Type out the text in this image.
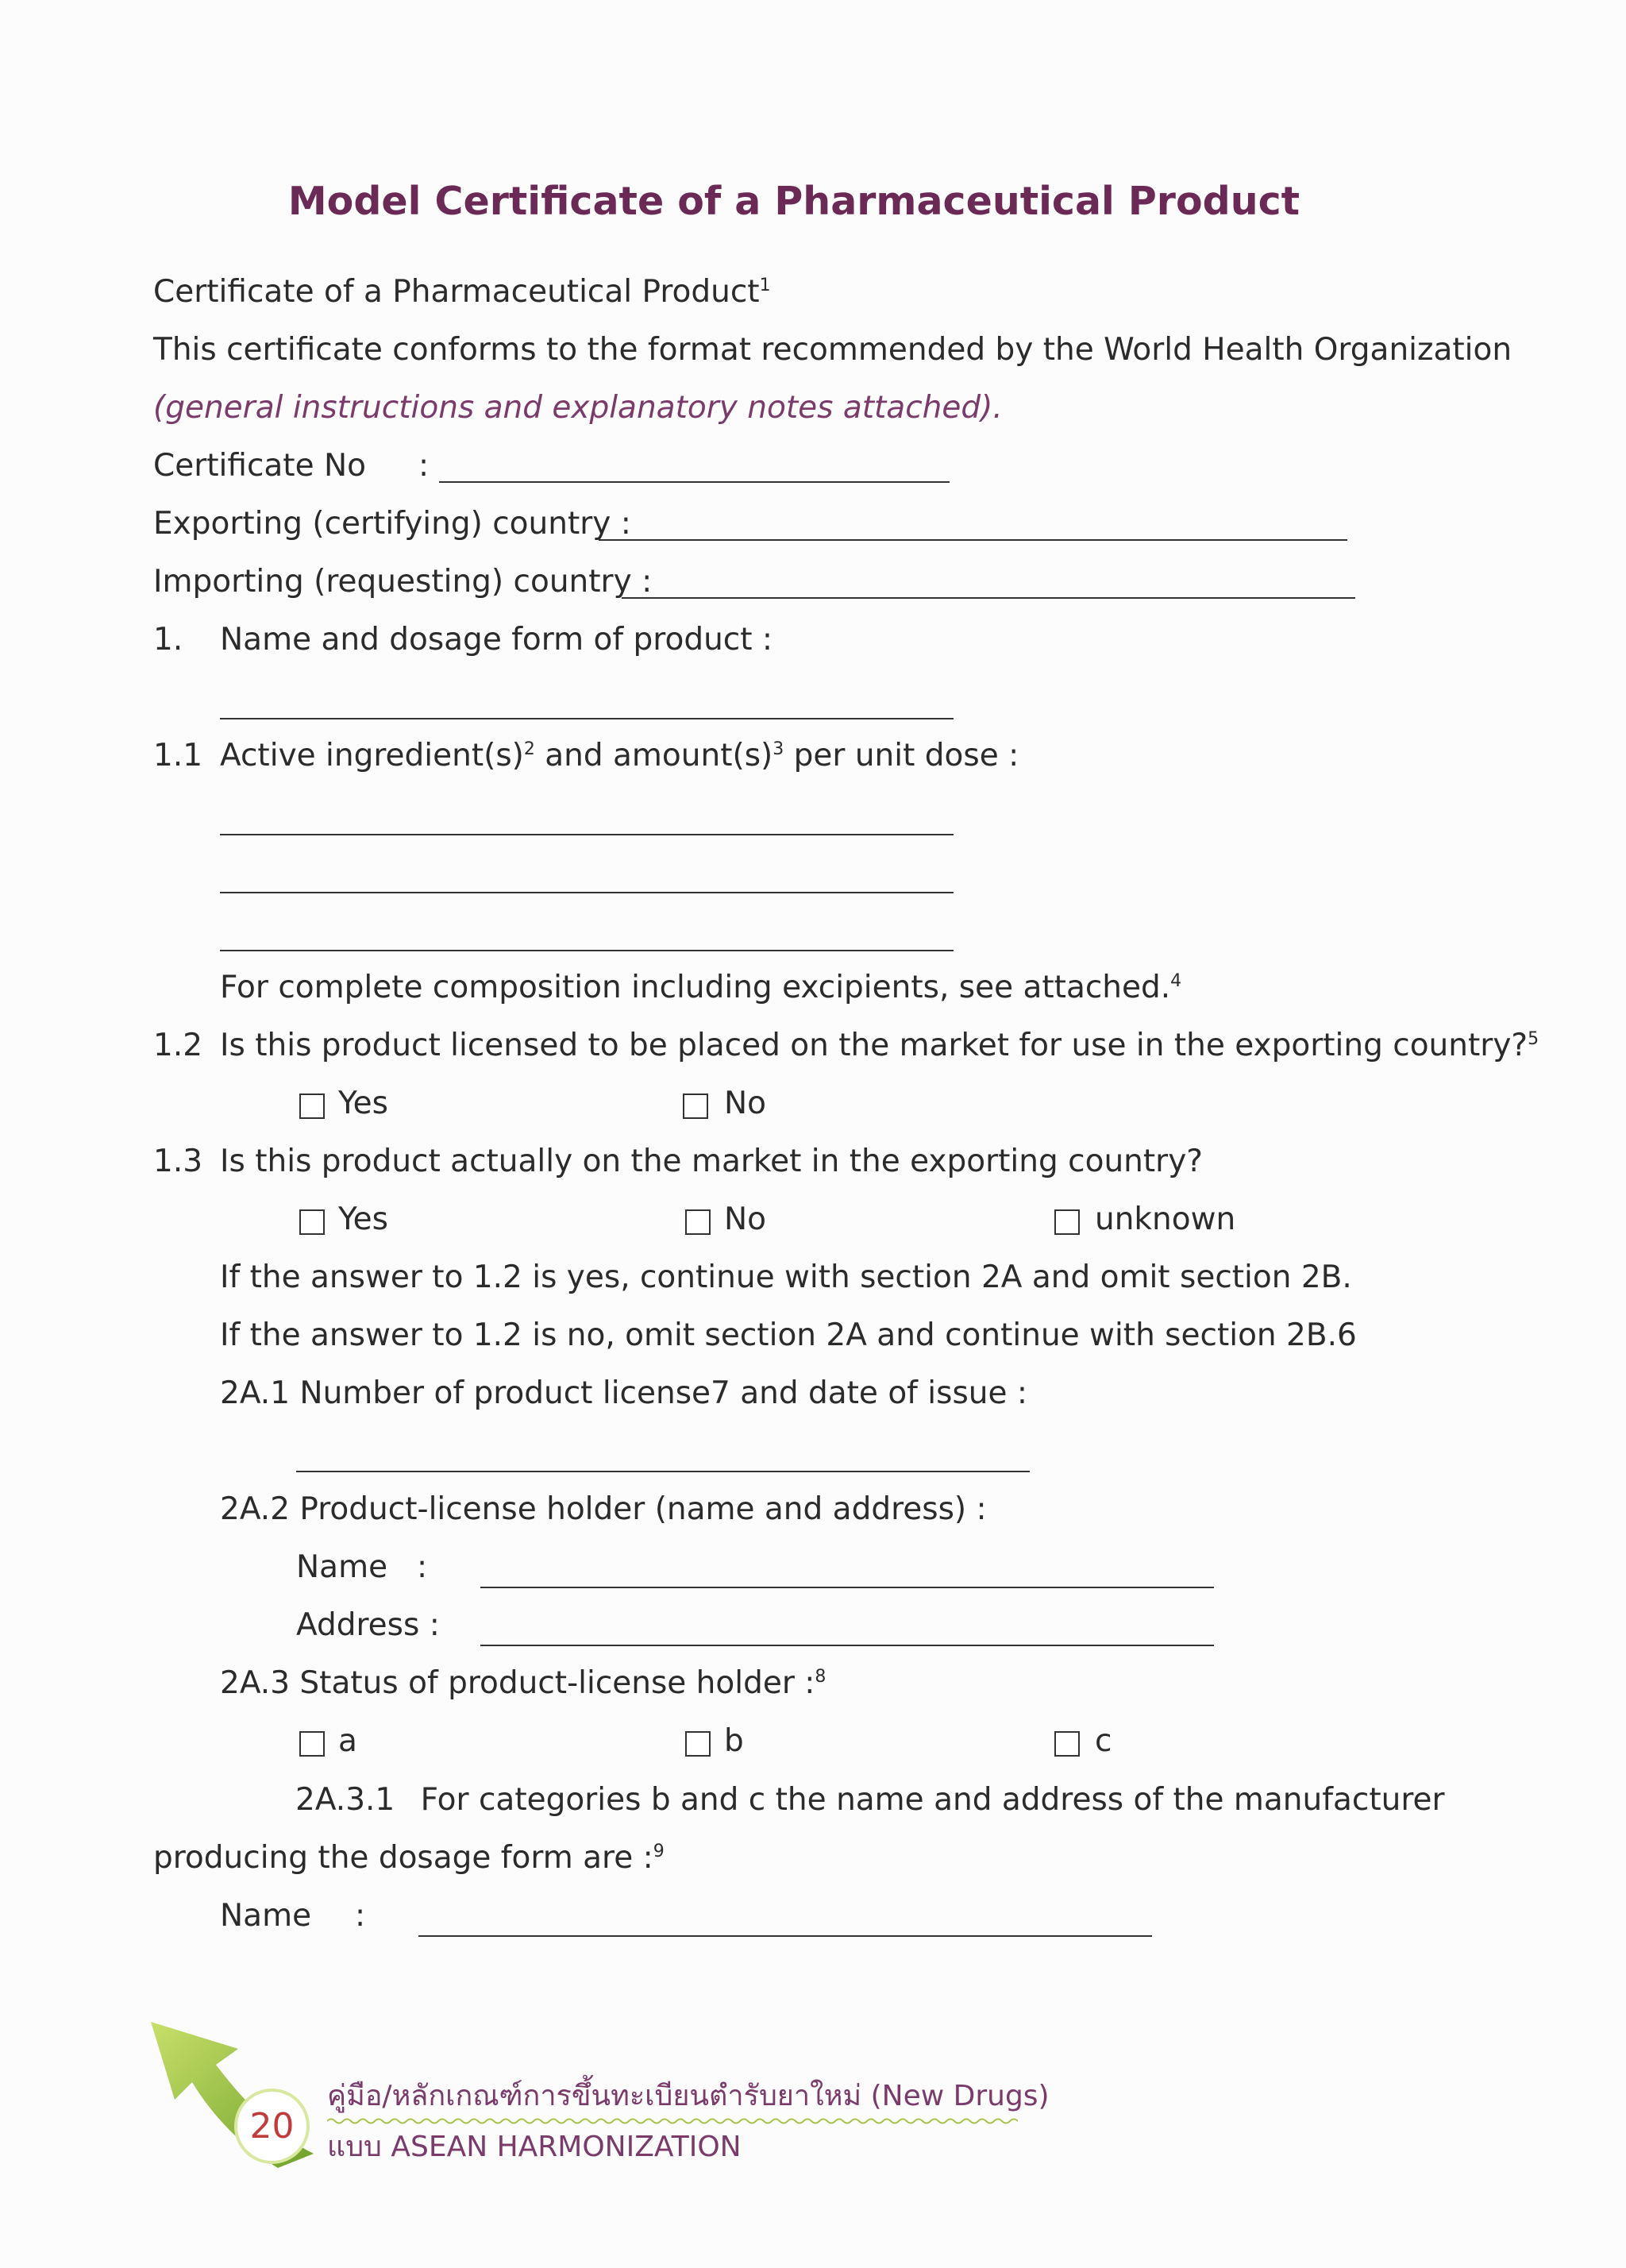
Model Certificate of a Pharmaceutical Product
Certificate of a Pharmaceutical Product$^1$
This certificate conforms to the format recommended by the World Health Organization
(general instructions and explanatory notes attached).
Certificate No :
Exporting (certifying) country :
Importing (requesting) country :
1. Name and dosage form of product :
1.1 Active $ingredient(s)^2$ and $amount(s)^3$ per unit dose :
For complete composition including excipients, see attached.$^4$
1.2 Is this product licensed to be placed on the market for use in the exporting country?$^5$
Yes	No
1.3 Is this product actually on the market in the exporting country?
Yes	No	unknown
If the answer to 1.2 is yes, continue with section 2A and omit section 2B.
If the answer to 1.2 is no, omit section 2A and continue with section 2B.6
2A.1 Number of product license7 and date of issue :
2A.2 Product-license holder (name and address) :
Name :
Address :
2A.3 Status of product-license holder :$^8$
a	b	c
2A.3.1 For categories b and c the name and address of the manufacturer
producing the dosage form are :$^9$
Name :
20
คู่มือ/หลักเกณฑ์การขึ้นทะเบียนตำรับยาใหม่ (New Drugs)
แบบ ASEAN HARMONIZATION
